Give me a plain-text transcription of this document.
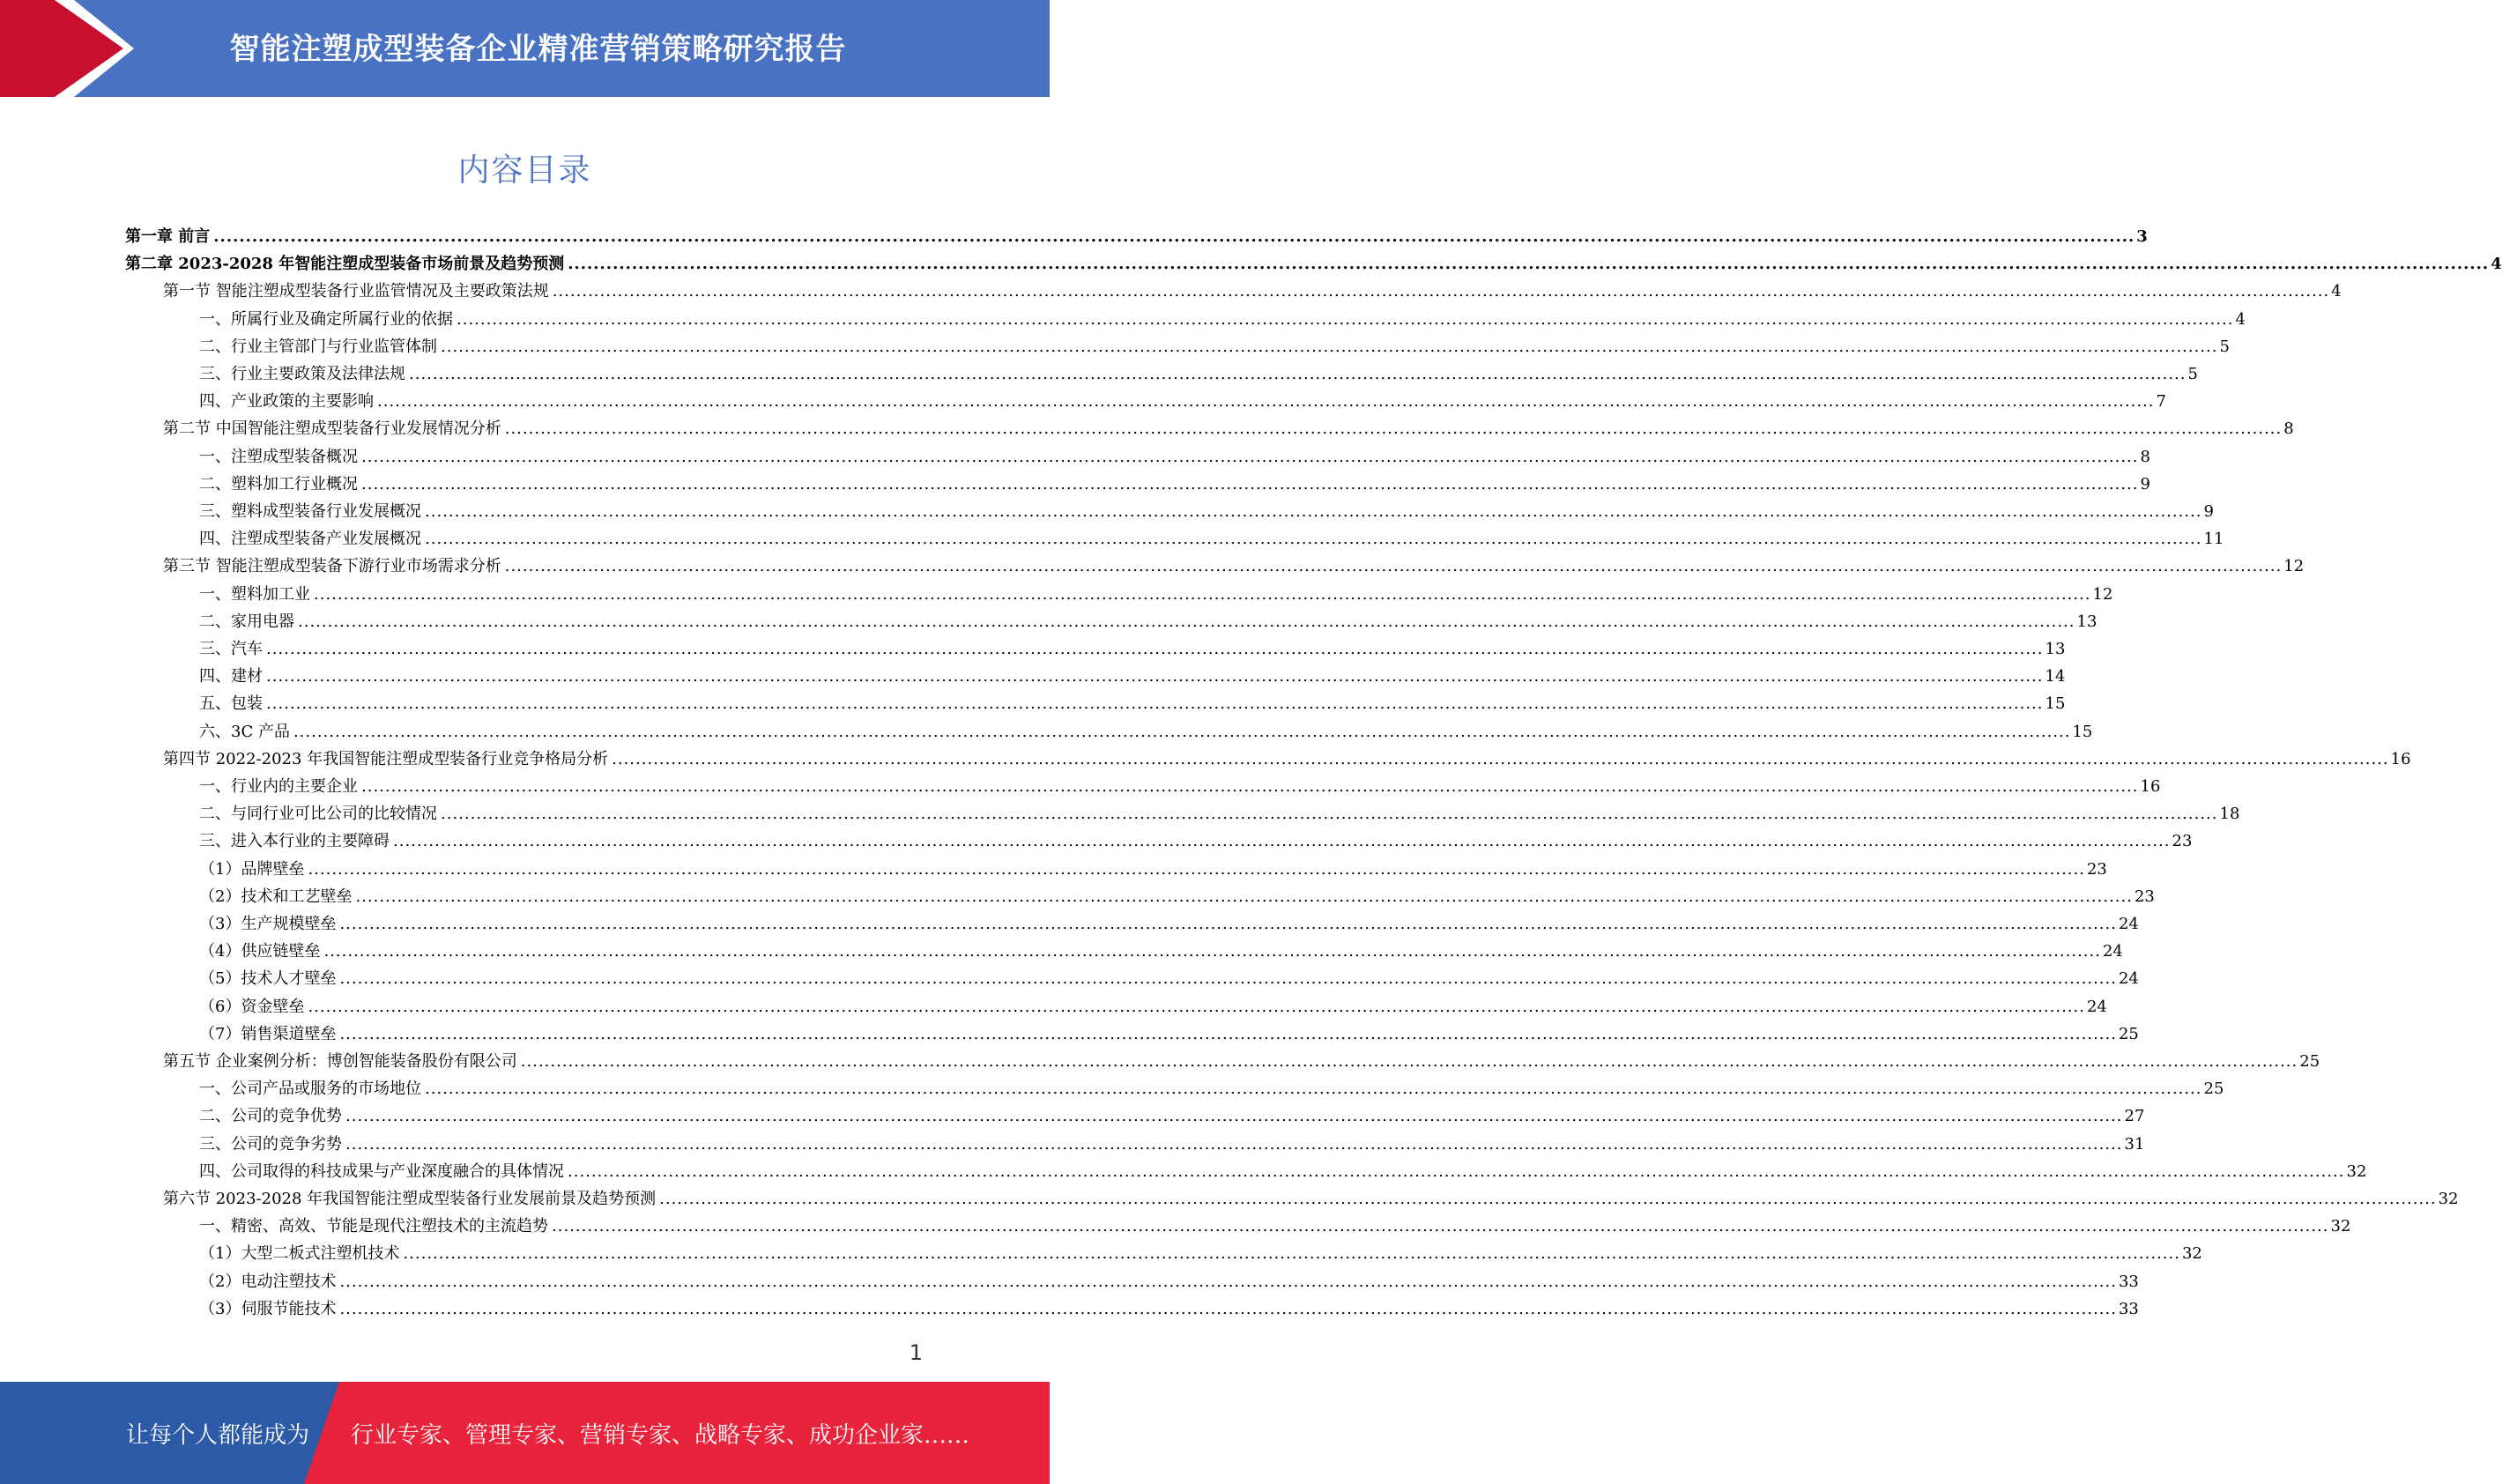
智能注塑成型装备企业精准营销策略研究报告
内容目录
第一章 前言 ............................................................................................................................................................................................................................................................................................................ 3
第二章 2023-2028 年智能注塑成型装备市场前景及趋势预测 ............................................................................................................................................................................................................................................................................................................ 4
第一节 智能注塑成型装备行业监管情况及主要政策法规 ............................................................................................................................................................................................................................................................................................................ 4
一、所属行业及确定所属行业的依据 ............................................................................................................................................................................................................................................................................................................ 4
二、行业主管部门与行业监管体制 ............................................................................................................................................................................................................................................................................................................ 5
三、行业主要政策及法律法规 ............................................................................................................................................................................................................................................................................................................ 5
四、产业政策的主要影响 ............................................................................................................................................................................................................................................................................................................ 7
第二节 中国智能注塑成型装备行业发展情况分析 ............................................................................................................................................................................................................................................................................................................ 8
一、注塑成型装备概况 ............................................................................................................................................................................................................................................................................................................ 8
二、塑料加工行业概况 ............................................................................................................................................................................................................................................................................................................ 9
三、塑料成型装备行业发展概况 ............................................................................................................................................................................................................................................................................................................ 9
四、注塑成型装备产业发展概况 ............................................................................................................................................................................................................................................................................................................ 11
第三节 智能注塑成型装备下游行业市场需求分析 ............................................................................................................................................................................................................................................................................................................ 12
一、塑料加工业 ............................................................................................................................................................................................................................................................................................................ 12
二、家用电器 ............................................................................................................................................................................................................................................................................................................ 13
三、汽车 ............................................................................................................................................................................................................................................................................................................ 13
四、建材 ............................................................................................................................................................................................................................................................................................................ 14
五、包装 ............................................................................................................................................................................................................................................................................................................ 15
六、3C 产品 ............................................................................................................................................................................................................................................................................................................ 15
第四节 2022-2023 年我国智能注塑成型装备行业竞争格局分析 ............................................................................................................................................................................................................................................................................................................ 16
一、行业内的主要企业 ............................................................................................................................................................................................................................................................................................................ 16
二、与同行业可比公司的比较情况 ............................................................................................................................................................................................................................................................................................................ 18
三、进入本行业的主要障碍 ............................................................................................................................................................................................................................................................................................................ 23
（1）品牌壁垒 ............................................................................................................................................................................................................................................................................................................ 23
（2）技术和工艺壁垒 ............................................................................................................................................................................................................................................................................................................ 23
（3）生产规模壁垒 ............................................................................................................................................................................................................................................................................................................ 24
（4）供应链壁垒 ............................................................................................................................................................................................................................................................................................................ 24
（5）技术人才壁垒 ............................................................................................................................................................................................................................................................................................................ 24
（6）资金壁垒 ............................................................................................................................................................................................................................................................................................................ 24
（7）销售渠道壁垒 ............................................................................................................................................................................................................................................................................................................ 25
第五节 企业案例分析：博创智能装备股份有限公司 ............................................................................................................................................................................................................................................................................................................ 25
一、公司产品或服务的市场地位 ............................................................................................................................................................................................................................................................................................................ 25
二、公司的竞争优势 ............................................................................................................................................................................................................................................................................................................ 27
三、公司的竞争劣势 ............................................................................................................................................................................................................................................................................................................ 31
四、公司取得的科技成果与产业深度融合的具体情况 ............................................................................................................................................................................................................................................................................................................ 32
第六节 2023-2028 年我国智能注塑成型装备行业发展前景及趋势预测 ............................................................................................................................................................................................................................................................................................................ 32
一、精密、高效、节能是现代注塑技术的主流趋势 ............................................................................................................................................................................................................................................................................................................ 32
（1）大型二板式注塑机技术 ............................................................................................................................................................................................................................................................................................................ 32
（2）电动注塑技术 ............................................................................................................................................................................................................................................................................................................ 33
（3）伺服节能技术 ............................................................................................................................................................................................................................................................................................................ 33
1
让每个人都能成为 行业专家、管理专家、营销专家、战略专家、成功企业家……
